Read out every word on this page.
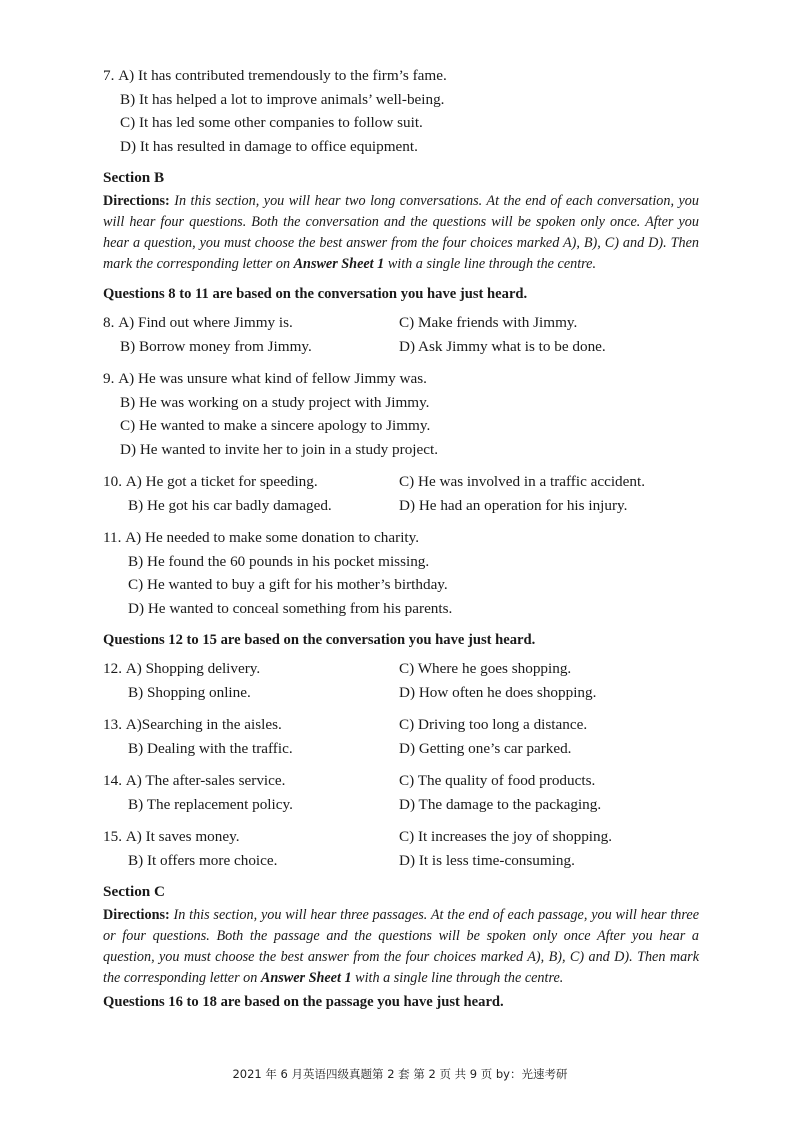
7.
A) It has contributed tremendously to the firm’s fame.
B) It has helped a lot to improve animals’ well-being.
C) It has led some other companies to follow suit.
D) It has resulted in damage to office equipment.
Section B
Directions: In this section, you will hear two long conversations. At the end of each conversation, you will hear four questions. Both the conversation and the questions will be spoken only once. After you hear a question, you must choose the best answer from the four choices marked A), B), C) and D). Then mark the corresponding letter on Answer Sheet 1 with a single line through the centre.
Questions 8 to 11 are based on the conversation you have just heard.
8. A) Find out where Jimmy is.	C) Make friends with Jimmy.
B) Borrow money from Jimmy.	D) Ask Jimmy what is to be done.
9.
A) He was unsure what kind of fellow Jimmy was.
B) He was working on a study project with Jimmy.
C) He wanted to make a sincere apology to Jimmy.
D) He wanted to invite her to join in a study project.
10. A) He got a ticket for speeding.	C) He was involved in a traffic accident.
B) He got his car badly damaged.	D) He had an operation for his injury.
11.
A) He needed to make some donation to charity.
B) He found the 60 pounds in his pocket missing.
C) He wanted to buy a gift for his mother’s birthday.
D) He wanted to conceal something from his parents.
Questions 12 to 15 are based on the conversation you have just heard.
12. A) Shopping delivery.	C) Where he goes shopping.
B) Shopping online.	D) How often he does shopping.
13. A)Searching in the aisles.	C) Driving too long a distance.
B) Dealing with the traffic.	D) Getting one’s car parked.
14. A) The after-sales service.	C) The quality of food products.
B) The replacement policy.	D) The damage to the packaging.
15. A) It saves money.	C) It increases the joy of shopping.
B) It offers more choice.	D) It is less time-consuming.
Section C
Directions: In this section, you will hear three passages. At the end of each passage, you will hear three or four questions. Both the passage and the questions will be spoken only once After you hear a question, you must choose the best answer from the four choices marked A), B), C) and D). Then mark the corresponding letter on Answer Sheet 1 with a single line through the centre.
Questions 16 to 18 are based on the passage you have just heard.
2021 年 6 月英语四级真题第 2 套 第 2 页 共 9 页 by：光速考研
